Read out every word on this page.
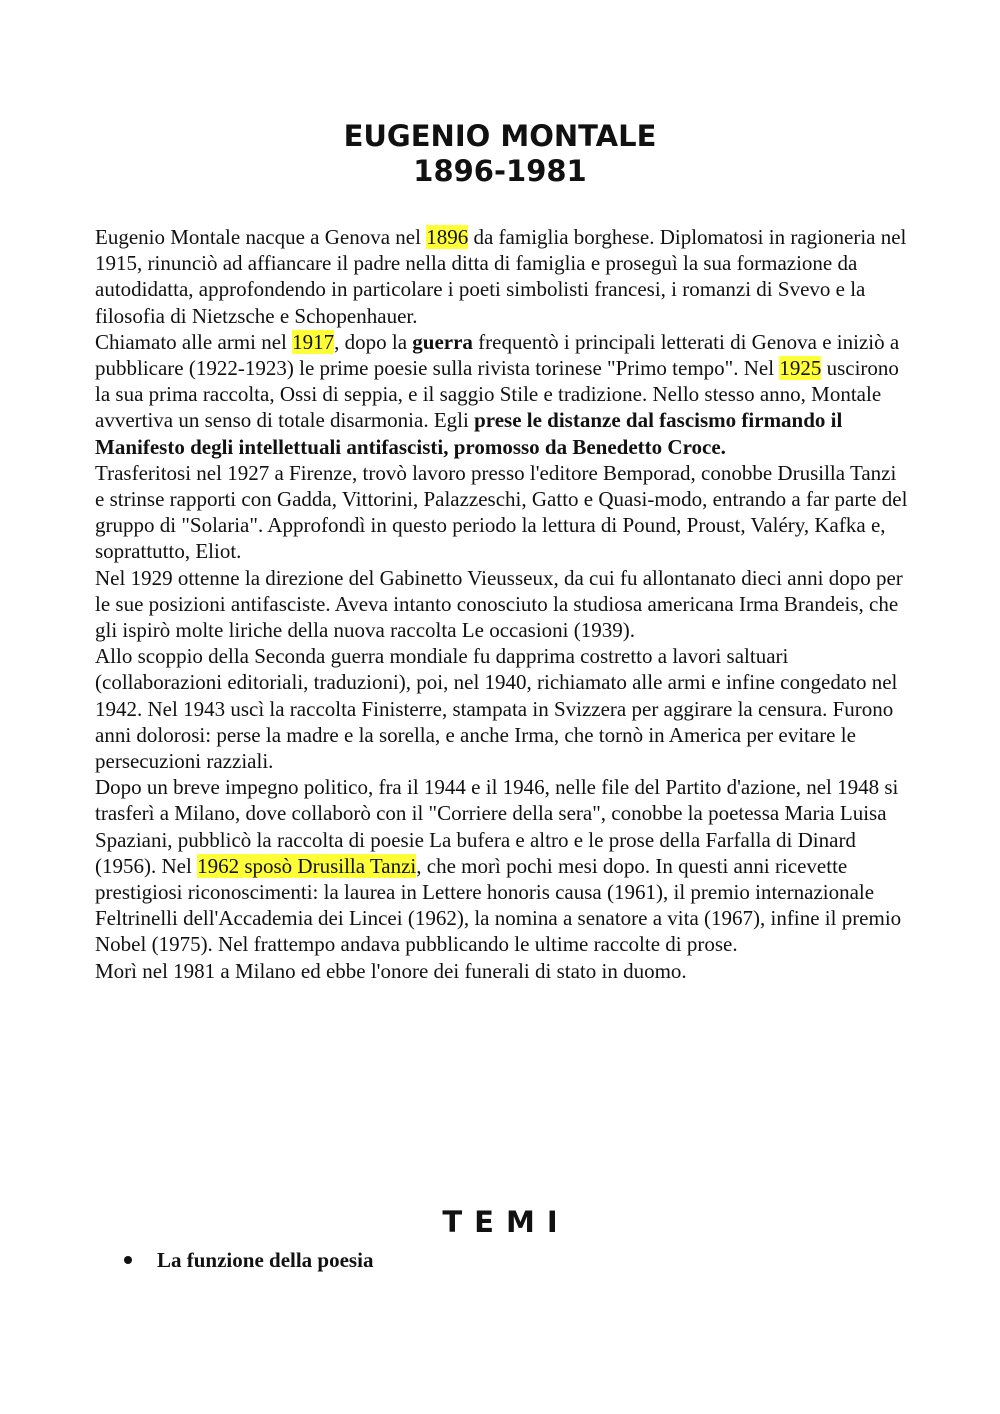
EUGENIO MONTALE
1896-1981

Eugenio Montale nacque a Genova nel 1896 da famiglia borghese. Diplomatosi in ragioneria nel 1915, rinunciò ad affiancare il padre nella ditta di famiglia e proseguì la sua formazione da autodidatta, approfondendo in particolare i poeti simbolisti francesi, i romanzi di Svevo e la filosofia di Nietzsche e Schopenhauer.

Chiamato alle armi nel 1917, dopo la guerra frequentò i principali letterati di Genova e iniziò a pubblicare (1922-1923) le prime poesie sulla rivista torinese "Primo tempo". Nel 1925 uscirono la sua prima raccolta, Ossi di seppia, e il saggio Stile e tradizione. Nello stesso anno, Montale avvertiva un senso di totale disarmonia. Egli prese le distanze dal fascismo firmando il Manifesto degli intellettuali antifascisti, promosso da Benedetto Croce.

Trasferitosi nel 1927 a Firenze, trovò lavoro presso l'editore Bemporad, conobbe Drusilla Tanzi e strinse rapporti con Gadda, Vittorini, Palazzeschi, Gatto e Quasi-modo, entrando a far parte del gruppo di "Solaria". Approfondì in questo periodo la lettura di Pound, Proust, Valéry, Kafka e, soprattutto, Eliot.

Nel 1929 ottenne la direzione del Gabinetto Vieusseux, da cui fu allontanato dieci anni dopo per le sue posizioni antifasciste. Aveva intanto conosciuto la studiosa americana Irma Brandeis, che gli ispirò molte liriche della nuova raccolta Le occasioni (1939).

Allo scoppio della Seconda guerra mondiale fu dapprima costretto a lavori saltuari (collaborazioni editoriali, traduzioni), poi, nel 1940, richiamato alle armi e infine congedato nel 1942. Nel 1943 uscì la raccolta Finisterre, stampata in Svizzera per aggirare la censura. Furono anni dolorosi: perse la madre e la sorella, e anche Irma, che tornò in America per evitare le persecuzioni razziali.

Dopo un breve impegno politico, fra il 1944 e il 1946, nelle file del Partito d'azione, nel 1948 si trasferì a Milano, dove collaborò con il "Corriere della sera", conobbe la poetessa Maria Luisa Spaziani, pubblicò la raccolta di poesie La bufera e altro e le prose della Farfalla di Dinard (1956). Nel 1962 sposò Drusilla Tanzi, che morì pochi mesi dopo. In questi anni ricevette prestigiosi riconoscimenti: la laurea in Lettere honoris causa (1961), il premio internazionale Feltrinelli dell'Accademia dei Lincei (1962), la nomina a senatore a vita (1967), infine il premio Nobel (1975). Nel frattempo andava pubblicando le ultime raccolte di prose.

Morì nel 1981 a Milano ed ebbe l'onore dei funerali di stato in duomo.

TEMI
La funzione della poesia
